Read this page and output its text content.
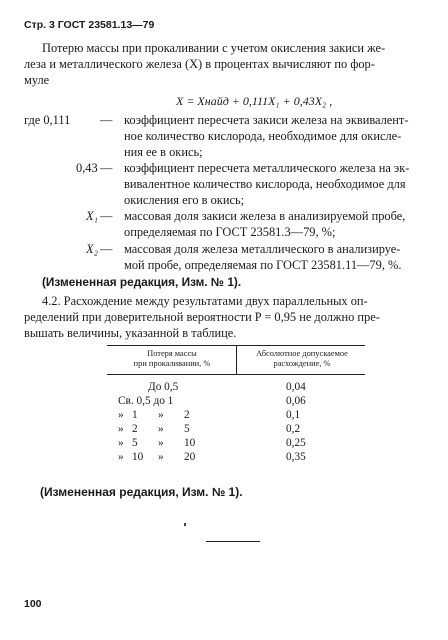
Стр. 3 ГОСТ 23581.13—79
Потерю массы при прокаливании с учетом окисления закиси же-
леза и металлического железа (X) в процентах вычисляют по фор-
муле
X = Xнайд + 0,111X₁ + 0,43X₂ ,
где 0,111 — коэффициент пересчета закиси железа на эквивалент-
ное количество кислорода, необходимое для окисле-
ния ее в окись;
0,43 — коэффициент пересчета металлического железа на эк-
вивалентное количество кислорода, необходимое для
окисления его в окись;
X₁ — массовая доля закиси железа в анализируемой пробе,
определяемая по ГОСТ 23581.3—79, %;
X₂ — массовая доля железа металлического в анализируе-
мой пробе, определяемая по ГОСТ 23581.11—79, %.
(Измененная редакция, Изм. № 1).
4.2. Расхождение между результатами двух параллельных оп-
ределений при доверительной вероятности P = 0,95 не должно пре-
вышать величины, указанной в таблице.
Потеря массы
при прокаливании, %
Абсолютное допускаемое
расхождение, %
До 0,5	0,04
Св. 0,5 до 1	0,06
» 1 » 2	0,1
» 2 » 5	0,2
» 5 » 10	0,25
» 10 » 20	0,35
(Измененная редакция, Изм. № 1).
100
